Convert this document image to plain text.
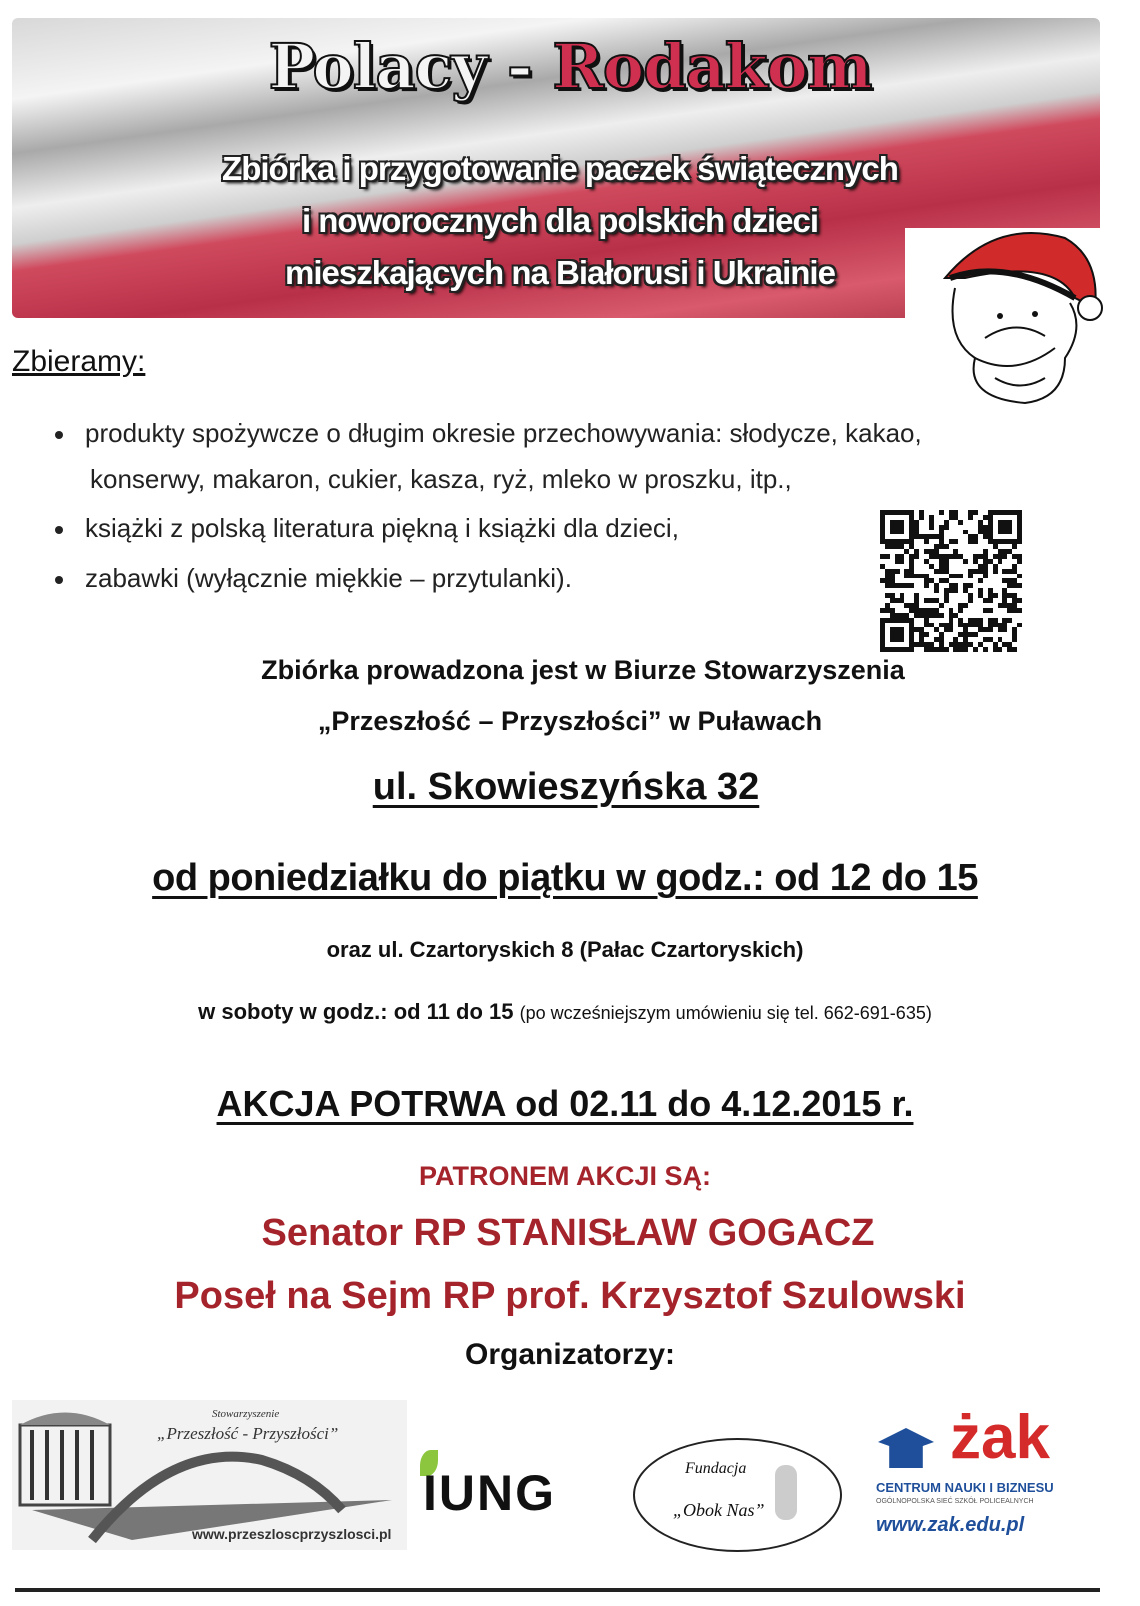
Polacy - Rodakom
Zbiórka i przygotowanie paczek świątecznych
i noworocznych dla polskich dzieci
mieszkających na Białorusi i Ukrainie
Zbieramy:
produkty spożywcze o długim okresie przechowywania: słodycze, kakao,
konserwy, makaron, cukier, kasza, ryż, mleko w proszku, itp.,
książki z polską literatura piękną i książki dla dzieci,
zabawki (wyłącznie miękkie – przytulanki).
Zbiórka prowadzona jest w Biurze Stowarzyszenia
„Przeszłość – Przyszłości” w Puławach
ul. Skowieszyńska 32
od poniedziałku do piątku w godz.: od 12 do 15
oraz ul. Czartoryskich 8 (Pałac Czartoryskich)
w soboty w godz.: od 11 do 15 (po wcześniejszym umówieniu się tel. 662-691-635)
AKCJA POTRWA od 02.11 do 4.12.2015 r.
PATRONEM AKCJI SĄ:
Senator RP STANISŁAW GOGACZ
Poseł na Sejm RP prof. Krzysztof Szulowski
Organizatorzy:
Stowarzyszenie
„Przeszłość - Przyszłości”
www.przeszloscprzyszlosci.pl
IUNG	Fundacja
„Obok Nas”
żak
CENTRUM NAUKI I BIZNESU
OGÓLNOPOLSKA SIEĆ SZKÓŁ POLICEALNYCH
www.zak.edu.pl
